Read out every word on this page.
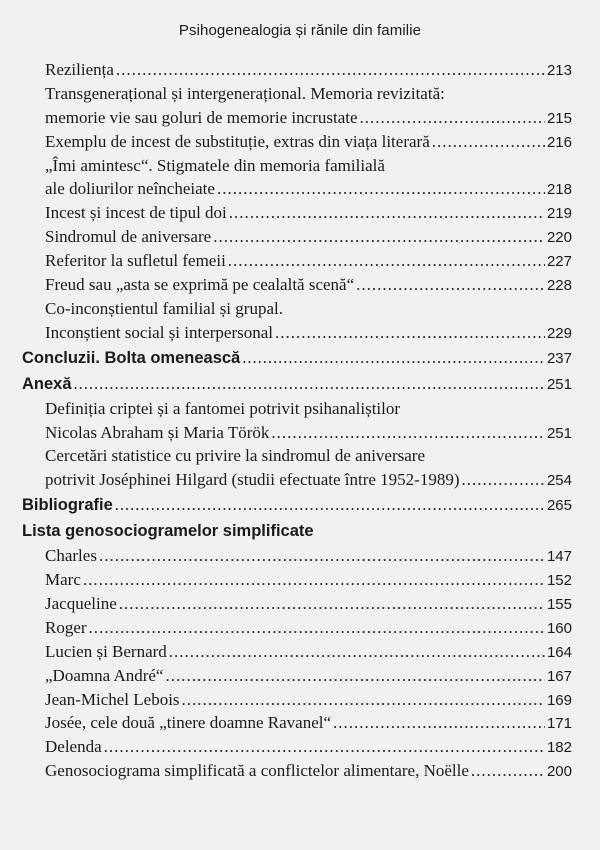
Psihogenealogia și rănile din familie
Reziliența .....	213
Transgenerațional și intergenerațional. Memoria revizitată:
memorie vie sau goluri de memorie incrustate .....	215
Exemplu de incest de substituție, extras din viața literară .....	216
„Îmi amintesc“. Stigmatele din memoria familială
ale doliurilor neîncheiate .....	218
Incest și incest de tipul doi .....	219
Sindromul de aniversare .....	220
Referitor la sufletul femeii .....	227
Freud sau „asta se exprimă pe cealaltă scenă“ .....	228
Co-inconștientul familial și grupal.
Inconștient social și interpersonal .....	229
Concluzii. Bolta omenească .....	237
Anexă .....	251
Definiția criptei și a fantomei potrivit psihanaliștilor
Nicolas Abraham și Maria Török .....	251
Cercetări statistice cu privire la sindromul de aniversare
potrivit Joséphinei Hilgard (studii efectuate între 1952-1989) .....	254
Bibliografie .....	265
Lista genosociogramelor simplificate
Charles .....	147
Marc .....	152
Jacqueline .....	155
Roger .....	160
Lucien și Bernard .....	164
„Doamna André“ .....	167
Jean-Michel Lebois .....	169
Josée, cele două „tinere doamne Ravanel“ .....	171
Delenda .....	182
Genosociograma simplificată a conflictelor alimentare, Noëlle .....	200
